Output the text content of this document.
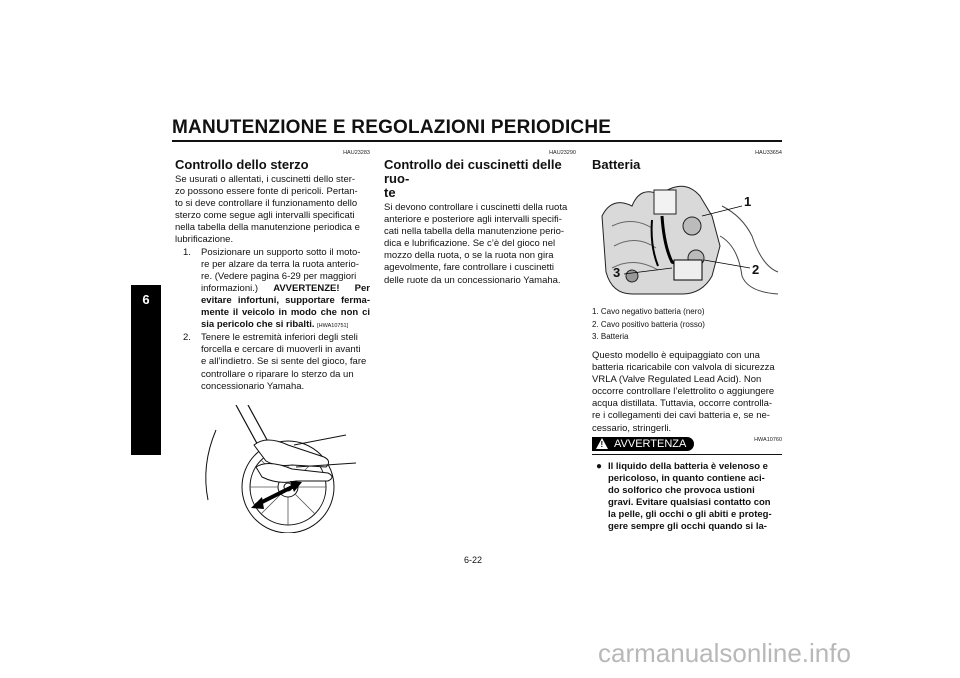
MANUTENZIONE E REGOLAZIONI PERIODICHE
6
HAU23283
Controllo dello sterzo
Se usurati o allentati, i cuscinetti dello ster-
zo possono essere fonte di pericoli. Pertan-
to si deve controllare il funzionamento dello
sterzo come segue agli intervalli specificati
nella tabella della manutenzione periodica e
lubrificazione.
1.	Posizionare un supporto sotto il moto-
re per alzare da terra la ruota anterio-
re. (Vedere pagina 6-29 per maggiori
informazioni.) AVVERTENZE! Per evitare infortuni, supportare ferma-mente il veicolo in modo che non ci sia pericolo che si ribalti. [HWA10751]
2.	Tenere le estremità inferiori degli steli
forcella e cercare di muoverli in avanti
e all’indietro. Se si sente del gioco, fare
controllare o riparare lo sterzo da un
concessionario Yamaha.
HAU23290
Controllo dei cuscinetti delle ruo-
te
Si devono controllare i cuscinetti della ruota
anteriore e posteriore agli intervalli specifi-
cati nella tabella della manutenzione perio-
dica e lubrificazione. Se c’è del gioco nel
mozzo della ruota, o se la ruota non gira
agevolmente, fare controllare i cuscinetti
delle ruote da un concessionario Yamaha.
HAU33654
Batteria
1
2
3
1. Cavo negativo batteria (nero)
2. Cavo positivo batteria (rosso)
3. Batteria
Questo modello è equipaggiato con una
batteria ricaricabile con valvola di sicurezza
VRLA (Valve Regulated Lead Acid). Non
occorre controllare l’elettrolito o aggiungere
acqua distillata. Tuttavia, occorre controlla-
re i collegamenti dei cavi batteria e, se ne-
cessario, stringerli.
! AVVERTENZA	HWA10760
● Il liquido della batteria è velenoso e
pericoloso, in quanto contiene aci-
do solforico che provoca ustioni
gravi. Evitare qualsiasi contatto con
la pelle, gli occhi o gli abiti e proteg-
gere sempre gli occhi quando si la-
6-22
carmanualsonline.info
